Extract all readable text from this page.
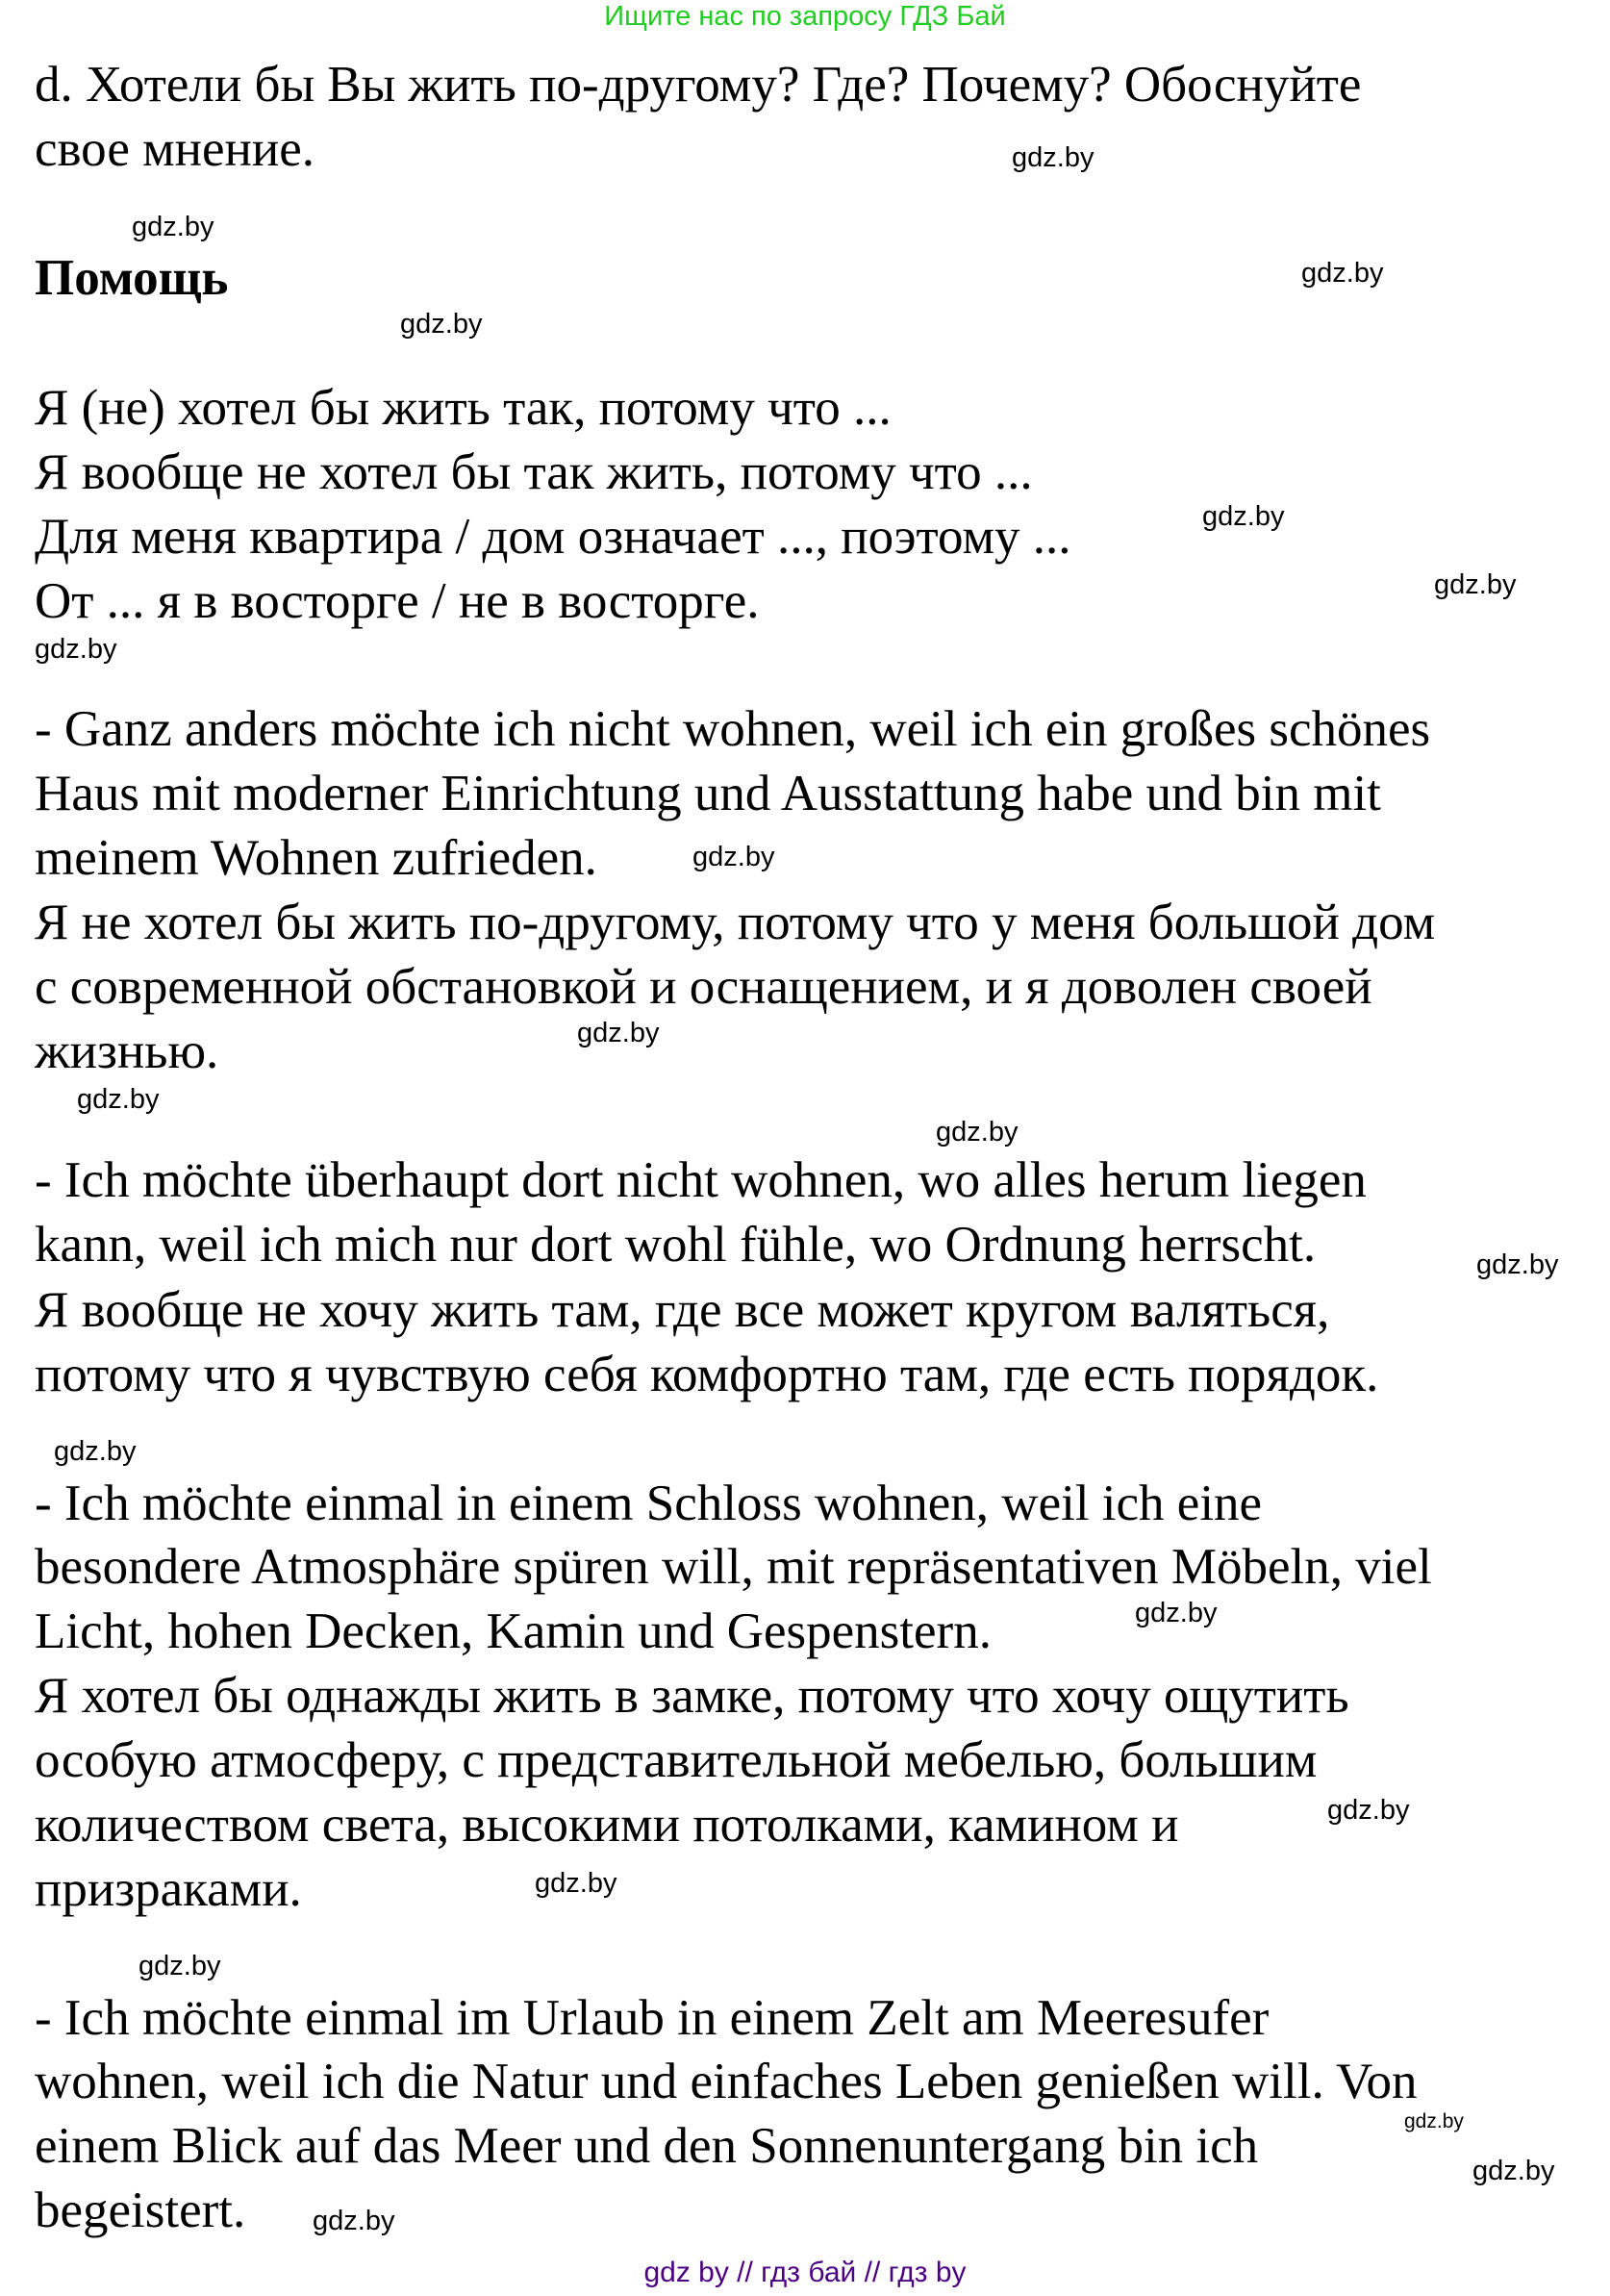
Ищите нас по запросу ГДЗ Бай
d. Хотели бы Вы жить по-другому? Где? Почему? Обоснуйте
свое мнение.
Помощь
Я (не) хотел бы жить так, потому что ...
Я вообще не хотел бы так жить, потому что ...
Для меня квартира / дом означает ..., поэтому ...
От ... я в восторге / не в восторге.
- Ganz anders möchte ich nicht wohnen, weil ich ein großes schönes
Haus mit moderner Einrichtung und Ausstattung habe und bin mit
meinem Wohnen zufrieden.
Я не хотел бы жить по-другому, потому что у меня большой дом
с современной обстановкой и оснащением, и я доволен своей
жизнью.
- Ich möchte überhaupt dort nicht wohnen, wo alles herum liegen
kann, weil ich mich nur dort wohl fühle, wo Ordnung herrscht.
Я вообще не хочу жить там, где все может кругом валяться,
потому что я чувствую себя комфортно там, где есть порядок.
- Ich möchte einmal in einem Schloss wohnen, weil ich eine
besondere Atmosphäre spüren will, mit repräsentativen Möbeln, viel
Licht, hohen Decken, Kamin und Gespenstern.
Я хотел бы однажды жить в замке, потому что хочу ощутить
особую атмосферу, с представительной мебелью, большим
количеством света, высокими потолками, камином и
призраками.
- Ich möchte einmal im Urlaub in einem Zelt am Meeresufer
wohnen, weil ich die Natur und einfaches Leben genießen will. Von
einem Blick auf das Meer und den Sonnenuntergang bin ich
begeistert.
gdz.by
gdz.by
gdz.by
gdz.by
gdz.by
gdz.by
gdz.by
gdz.by
gdz.by
gdz.by
gdz.by
gdz.by
gdz.by
gdz.by
gdz.by
gdz.by
gdz.by
gdz.by
gdz.by
gdz.by
gdz by // гдз бай // гдз by
